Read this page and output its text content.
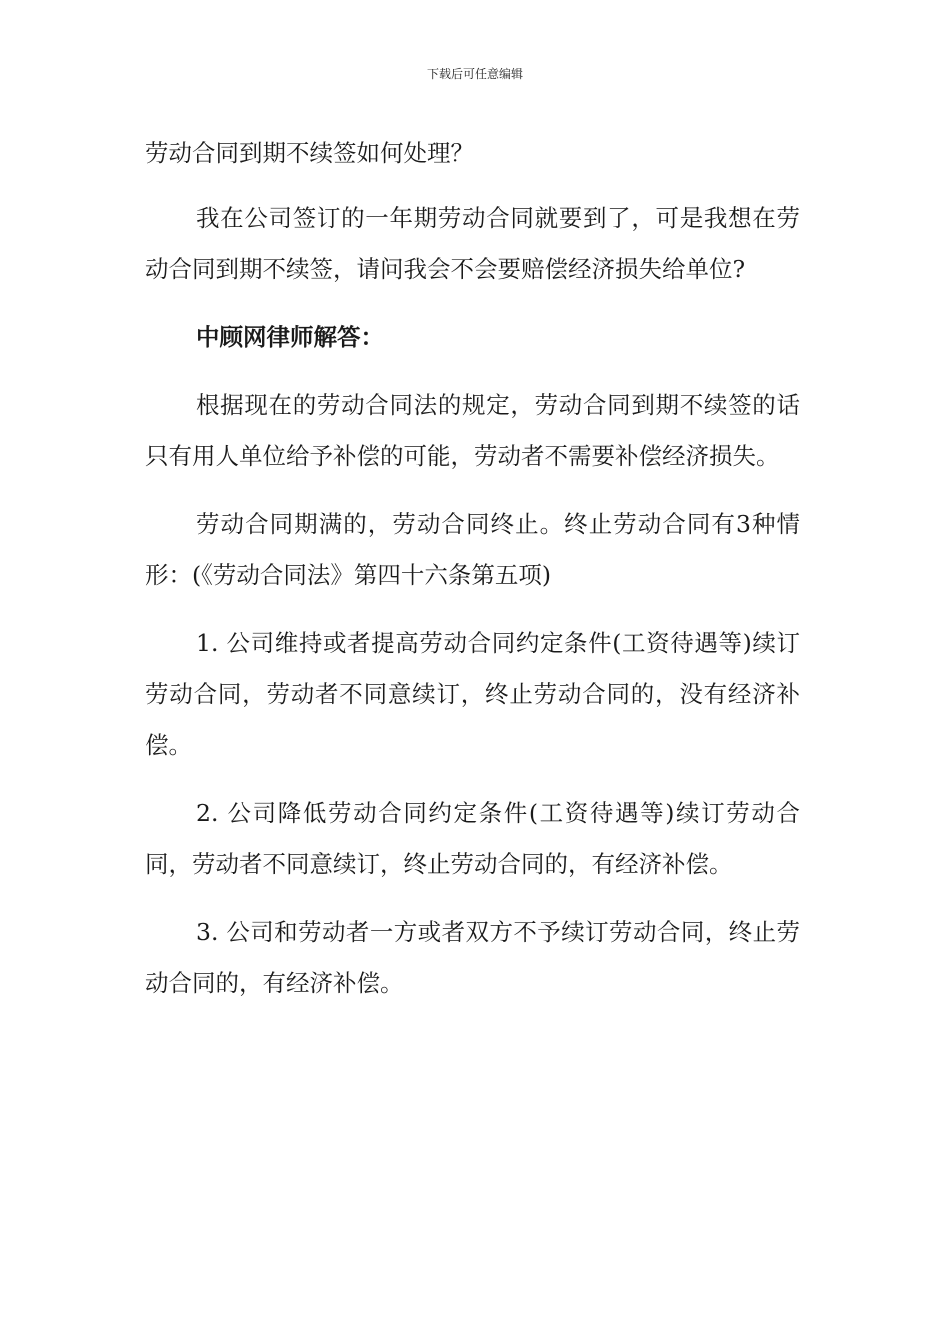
下载后可任意编辑

劳动合同到期不续签如何处理？

我在公司签订的一年期劳动合同就要到了，可是我想在劳动合同到期不续签，请问我会不会要赔偿经济损失给单位?

中顾网律师解答：

根据现在的劳动合同法的规定，劳动合同到期不续签的话只有用人单位给予补偿的可能，劳动者不需要补偿经济损失。

劳动合同期满的，劳动合同终止。终止劳动合同有3种情形：(《劳动合同法》第四十六条第五项)

1. 公司维持或者提高劳动合同约定条件(工资待遇等)续订劳动合同，劳动者不同意续订，终止劳动合同的，没有经济补偿。

2. 公司降低劳动合同约定条件(工资待遇等)续订劳动合同，劳动者不同意续订，终止劳动合同的，有经济补偿。

3. 公司和劳动者一方或者双方不予续订劳动合同，终止劳动合同的，有经济补偿。
